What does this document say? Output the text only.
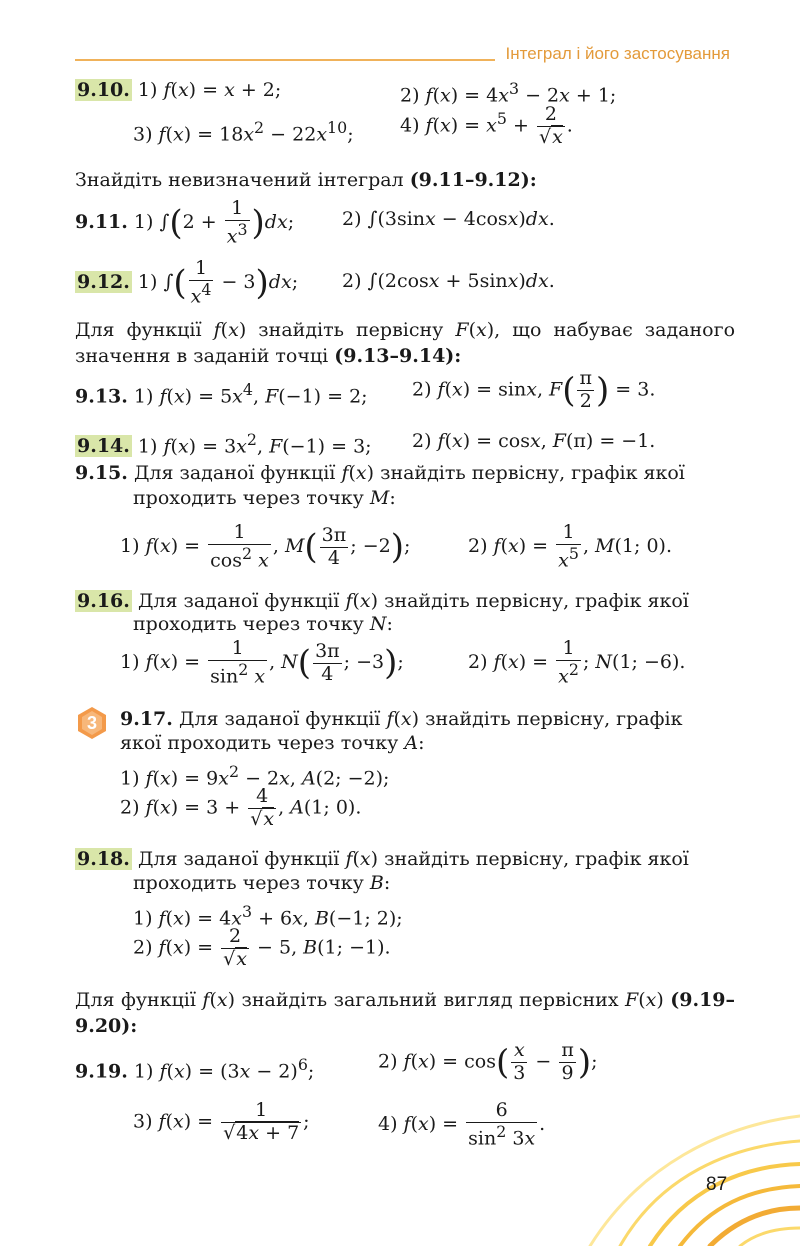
Інтеграл і його застосування
9.10. 1) f(x) = x + 2;	2) $f(x) = 4x^3 - 2x + 1$;
3) $f(x) = 18x^2 - 22x^{10}$; 4) $f(x) = x^5 + \frac{2}{√x}$ .
Знайдіть невизначений інтеграл (9.11–9.12):
9.11. 1) $\int(2 + \frac{1}{x^3} )dx$;	2) ∫(3sinx − 4cosx)dx.
9.12. 1) ∫( $\frac{1}{x^4} - 3)dx$; 2) ∫(2cosx + 5sinx)dx.
Для функції f(x) знайдіть первісну F(x), що набуває заданого значення в заданій точці (9.13–9.14):
9.13. 1) $f(x) = 5x^4$, F(−1) = 2; 2) f(x) = sinx, $F( \frac{\pi}{2}$ ) = 3.
9.14. 1) $f(x) = 3x^2$, F(−1) = 3; 2) f(x) = cosx, F(π) = −1.
9.15. Для заданої функції f(x) знайдіть первісну, графік якої
проходить через точку M:
1) $f(x) = \frac{1}{\cos^2 x}$ , $M( \frac{3\pi}{4}$ ; −2);	2) $f(x) = \frac{1}{x^5}$ , M(1; 0).
9.16. Для заданої функції f(x) знайдіть первісну, графік якої
проходить через точку N:
1) $f(x) = \frac{1}{\sin^2 x}$ , $N( \frac{3\pi}{4}$ ; −3);	2) $f(x) = \frac{1}{x^2}$ ; N(1; −6).
3 9.17. Для заданої функції f(x) знайдіть первісну, графік
якої проходить через точку A:
1) $f(x) = 9x^2 - 2x$, A(2; −2);
2) $f(x) = 3 + \frac{4}{√x}$ , A(1; 0).
9.18. Для заданої функції f(x) знайдіть первісну, графік якої
проходить через точку B:
1) $f(x) = 4x^3 + 6x$, B(−1; 2);
2) $f(x) = \frac{2}{√x} - 5$, B(1; −1).
Для функції f(x) знайдіть загальний вигляд первісних F(x) (9.19–9.20):
9.19. 1) $f(x) = (3x - 2)^6$;	2) $f(x) = \cos( \frac{x}{3} - \frac{\pi}{9}$ );
3) $f(x) = \frac{1}{√4x + 7}$ ;	4) $f(x) = \frac{6}{\sin^2 3x}$ .
87
